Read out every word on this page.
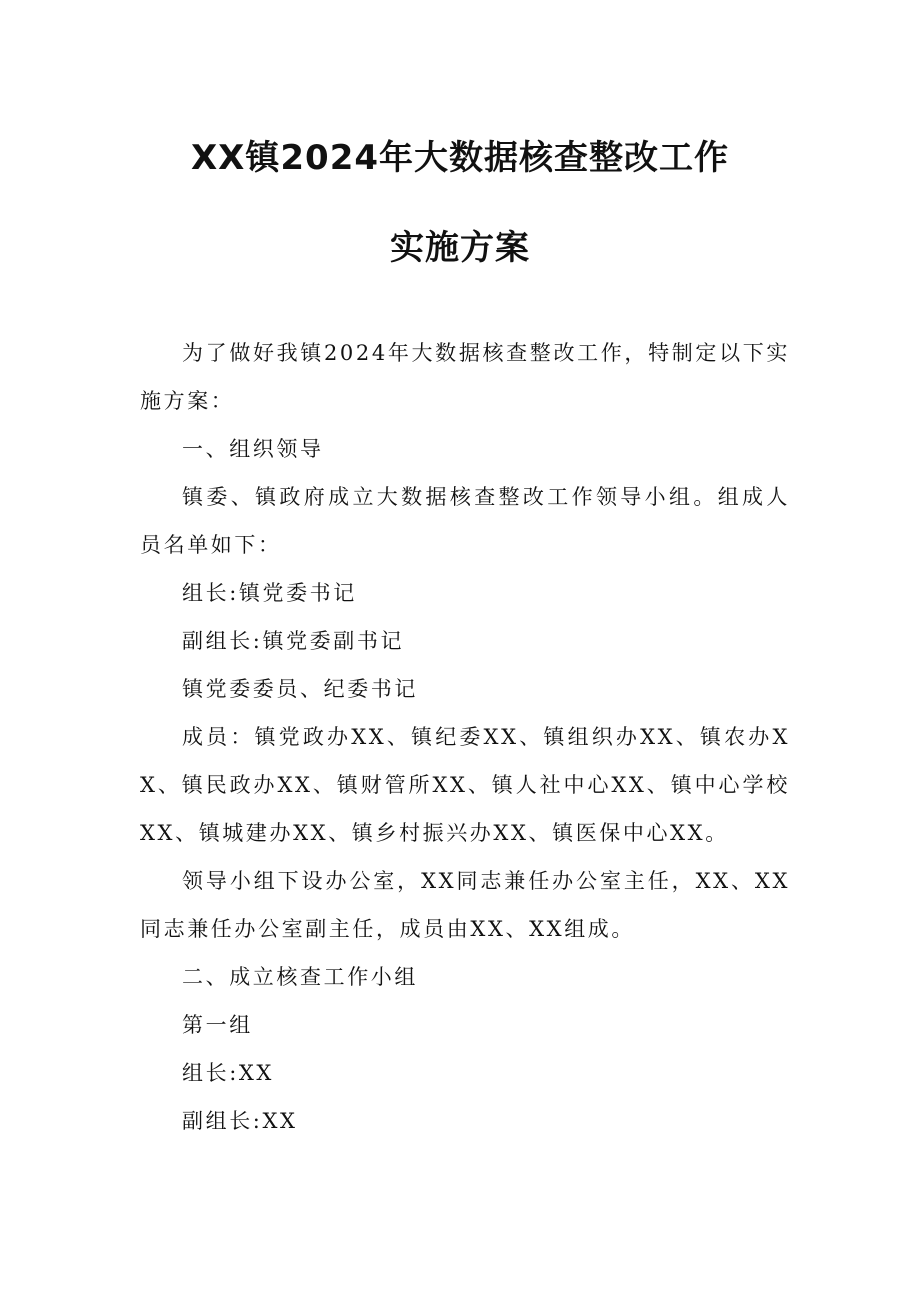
XX镇2024年大数据核查整改工作
实施方案

为了做好我镇2024年大数据核查整改工作，特制定以下实施方案：

一、组织领导

镇委、镇政府成立大数据核查整改工作领导小组。组成人员名单如下：

组长:镇党委书记

副组长:镇党委副书记

镇党委委员、纪委书记

成员：镇党政办XX、镇纪委XX、镇组织办XX、镇农办XX、镇民政办XX、镇财管所XX、镇人社中心XX、镇中心学校XX、镇城建办XX、镇乡村振兴办XX、镇医保中心XX。

领导小组下设办公室，XX同志兼任办公室主任，XX、XX同志兼任办公室副主任，成员由XX、XX组成。

二、成立核查工作小组

第一组

组长:XX

副组长:XX
